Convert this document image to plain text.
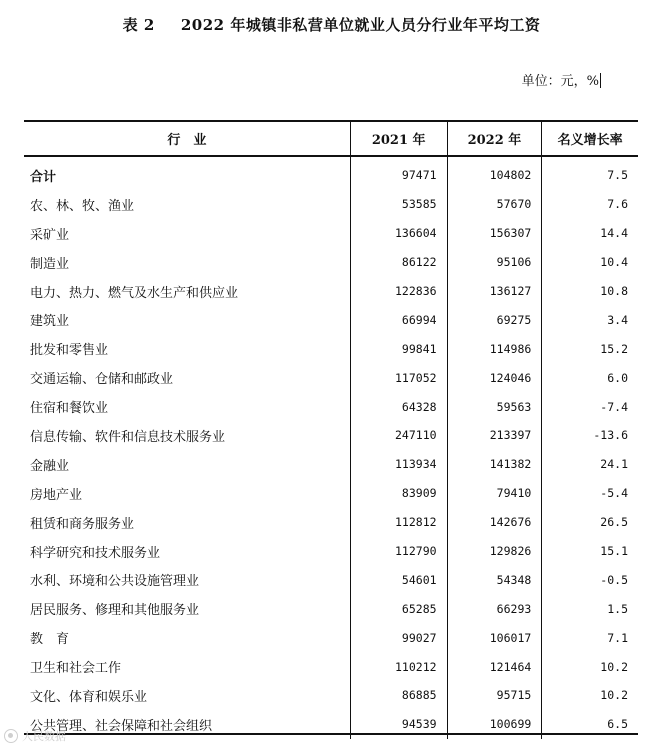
表 2 2022 年城镇非私营单位就业人员分行业年平均工资
单位：元，%
行　业	2021 年	2022 年	名义增长率
合计	97471	104802	7.5
农、林、牧、渔业	53585	57670	7.6
采矿业	136604	156307	14.4
制造业	86122	95106	10.4
电力、热力、燃气及水生产和供应业	122836	136127	10.8
建筑业	66994	69275	3.4
批发和零售业	99841	114986	15.2
交通运输、仓储和邮政业	117052	124046	6.0
住宿和餐饮业	64328	59563	-7.4
信息传输、软件和信息技术服务业	247110	213397	-13.6
金融业	113934	141382	24.1
房地产业	83909	79410	-5.4
租赁和商务服务业	112812	142676	26.5
科学研究和技术服务业	112790	129826	15.1
水利、环境和公共设施管理业	54601	54348	-0.5
居民服务、修理和其他服务业	65285	66293	1.5
教　育	99027	106017	7.1
卫生和社会工作	110212	121464	10.2
文化、体育和娱乐业	86885	95715	10.2
公共管理、社会保障和社会组织	94539	100699	6.5
人民数据
